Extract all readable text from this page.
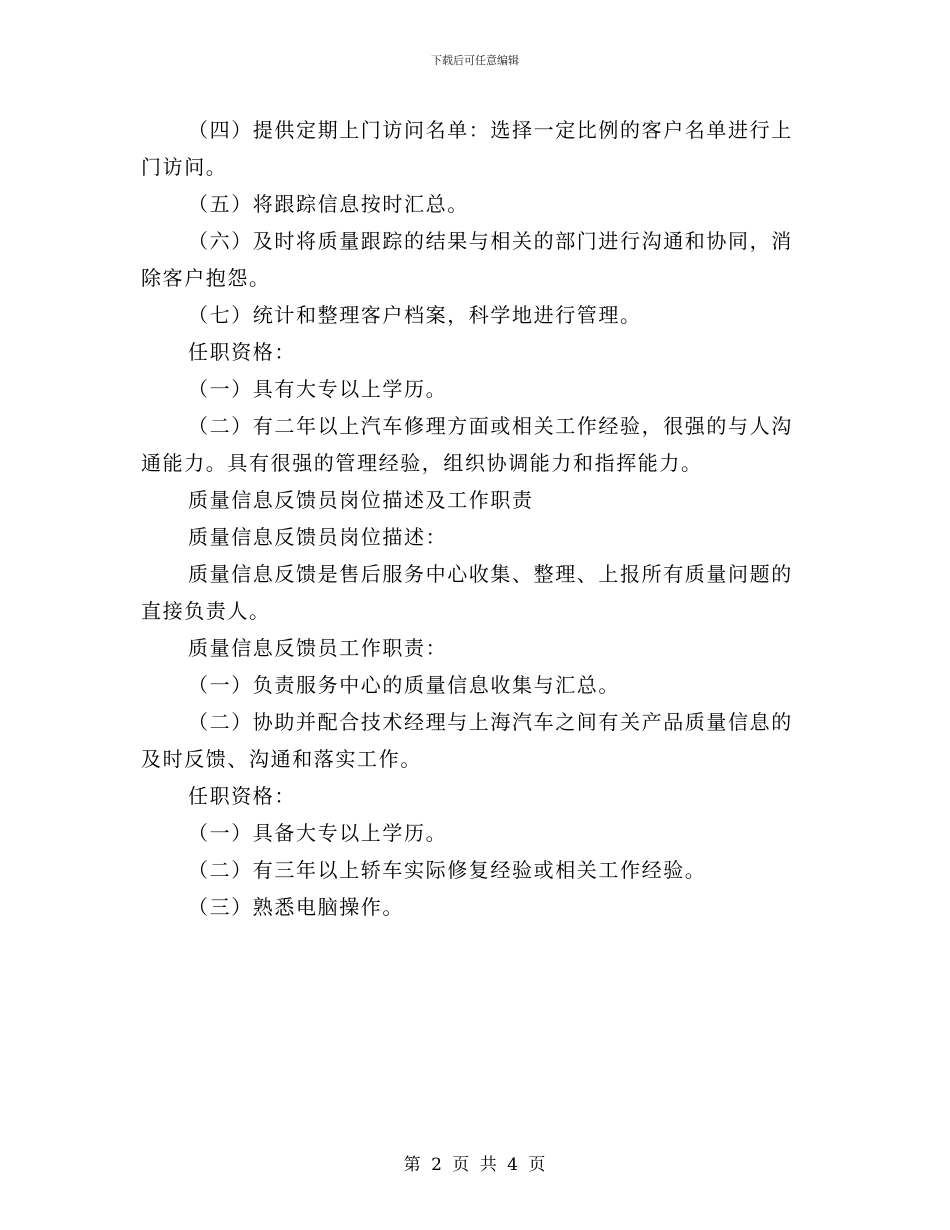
下载后可任意编辑

（四）提供定期上门访问名单：选择一定比例的客户名单进行上门访问。

（五）将跟踪信息按时汇总。

（六）及时将质量跟踪的结果与相关的部门进行沟通和协同，消除客户抱怨。

（七）统计和整理客户档案，科学地进行管理。

任职资格：

（一）具有大专以上学历。

（二）有二年以上汽车修理方面或相关工作经验，很强的与人沟通能力。具有很强的管理经验，组织协调能力和指挥能力。

质量信息反馈员岗位描述及工作职责

质量信息反馈员岗位描述：

质量信息反馈是售后服务中心收集、整理、上报所有质量问题的直接负责人。

质量信息反馈员工作职责：

（一）负责服务中心的质量信息收集与汇总。

（二）协助并配合技术经理与上海汽车之间有关产品质量信息的及时反馈、沟通和落实工作。

任职资格：

（一）具备大专以上学历。

（二）有三年以上轿车实际修复经验或相关工作经验。

（三）熟悉电脑操作。

第 2 页 共 4 页
